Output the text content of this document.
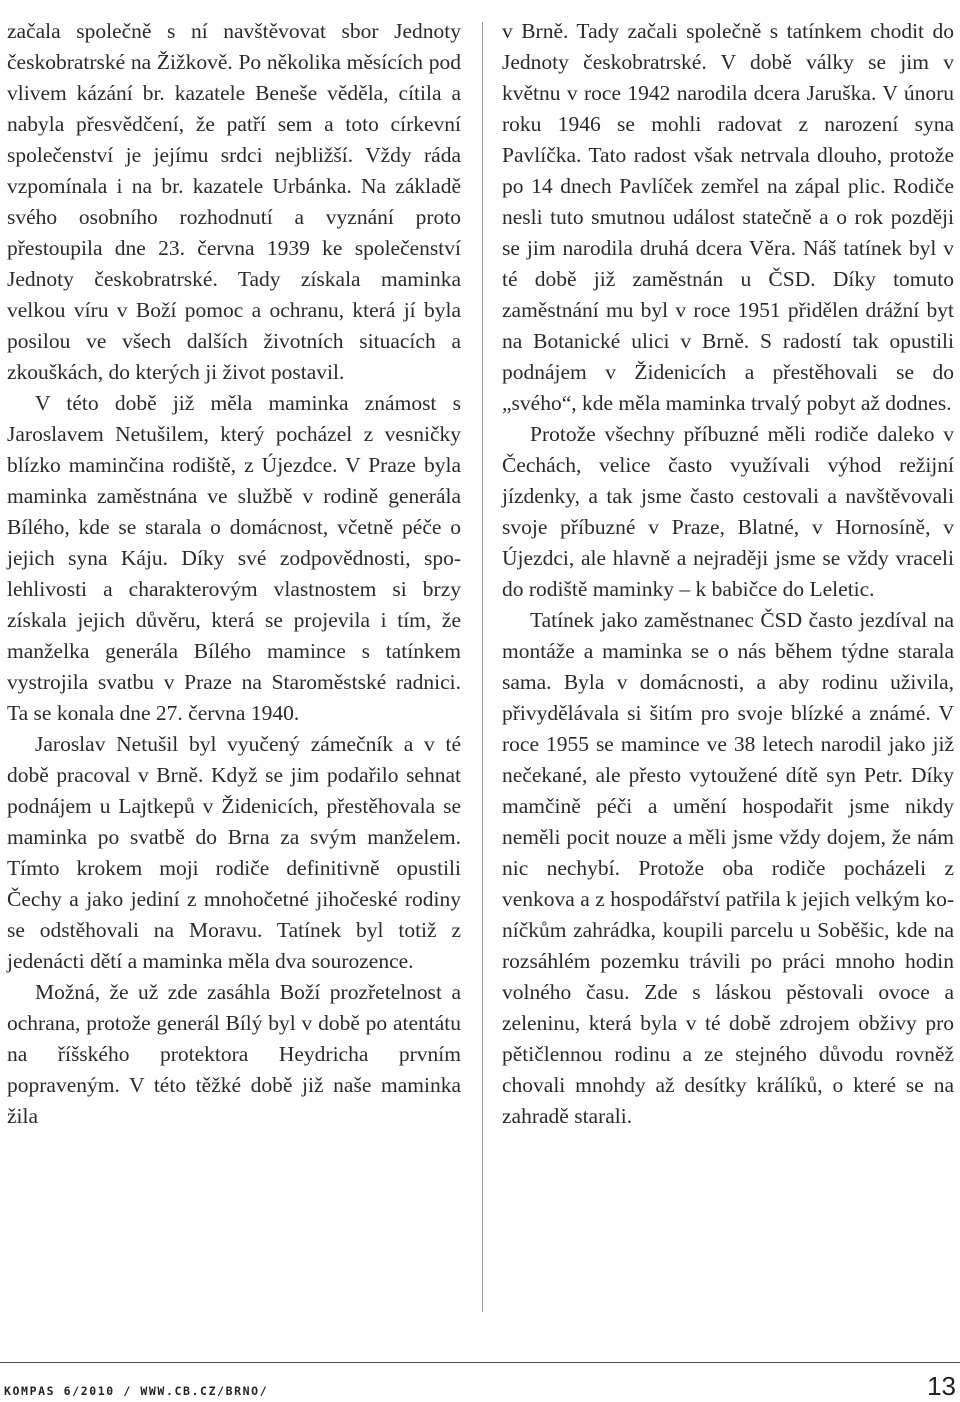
začala společně s ní navštěvovat sbor Jednoty českobratrské na Žižkově. Po několika měsících pod vlivem kázání br. kazatele Beneše věděla, cítila a nabyla přesvědčení, že patří sem a toto církevní společenství je jejímu srdci nejbližší. Vždy ráda vzpomínala i na br. kazatele Urbánka. Na základě svého osobního rozhodnutí a vyznání proto přestoupila dne 23. června 1939 ke společenství Jednoty českobratrské. Tady získala maminka velkou víru v Boží pomoc a ochranu, která jí byla posilou ve všech dalších životních situacích a zkouškách, do kterých ji život postavil.

V této době již měla maminka známost s Jaroslavem Netušilem, který pocházel z vesničky blízko maminčina rodiště, z Újezdce. V Praze byla maminka zaměstnána ve službě v rodině generála Bílého, kde se starala o domácnost, včetně péče o jejich syna Káju. Díky své zodpovědnosti, spolehlivosti a charakterovým vlastnostem si brzy získala jejich důvěru, která se projevila i tím, že manželka generála Bílého mamince s tatínkem vystrojila svatbu v Praze na Staroměstské radnici. Ta se konala dne 27. června 1940.

Jaroslav Netušil byl vyučený zámečník a v té době pracoval v Brně. Když se jim podařilo sehnat podnájem u Lajtkepů v Židenicích, přestěhovala se maminka po svatbě do Brna za svým manželem. Tímto krokem moji rodiče definitivně opustili Čechy a jako jediní z mnohočetné jihočeské rodiny se odstěhovali na Moravu. Tatínek byl totiž z jedenácti dětí a maminka měla dva sourozence.

Možná, že už zde zasáhla Boží prozřetelnost a ochrana, protože generál Bílý byl v době po atentátu na říšského protektora Heydricha prvním popraveným. V této těžké době již naše maminka žila

v Brně. Tady začali společně s tatínkem chodit do Jednoty českobratrské. V době války se jim v květnu v roce 1942 narodila dcera Jaruška. V únoru roku 1946 se mohli radovat z narození syna Pavlíčka. Tato radost však netrvala dlouho, protože po 14 dnech Pavlíček zemřel na zápal plic. Rodiče nesli tuto smutnou událost statečně a o rok později se jim narodila druhá dcera Věra. Náš tatínek byl v té době již zaměstnán u ČSD. Díky tomuto zaměstnání mu byl v roce 1951 přidělen drážní byt na Botanické ulici v Brně. S radostí tak opustili podnájem v Židenicích a přestěhovali se do „svého“, kde měla maminka trvalý pobyt až dodnes.

Protože všechny příbuzné měli rodiče daleko v Čechách, velice často využívali výhod režijní jízdenky, a tak jsme často cestovali a navštěvovali svoje příbuzné v Praze, Blatné, v Hornosíně, v Újezdci, ale hlavně a nejraději jsme se vždy vraceli do rodiště maminky – k babičce do Leletic.

Tatínek jako zaměstnanec ČSD často jezdíval na montáže a maminka se o nás během týdne starala sama. Byla v domácnosti, a aby rodinu uživila, přivydělávala si šitím pro svoje blízké a známé. V roce 1955 se mamince ve 38 letech narodil jako již nečekané, ale přesto vytoužené dítě syn Petr. Díky mamčině péči a umění hospodařit jsme nikdy neměli pocit nouze a měli jsme vždy dojem, že nám nic nechybí. Protože oba rodiče pocházeli z venkova a z hospodářství patřila k jejich velkým koníčkům zahrádka, koupili parcelu u Soběšic, kde na rozsáhlém pozemku trávili po práci mnoho hodin volného času. Zde s láskou pěstovali ovoce a zeleninu, která byla v té době zdrojem obživy pro pětičlennou rodinu a ze stejného důvodu rovněž chovali mnohdy až desítky králíků, o které se na zahradě starali.

KOMPAS 6/2010 / WWW.CB.CZ/BRNO/	13
